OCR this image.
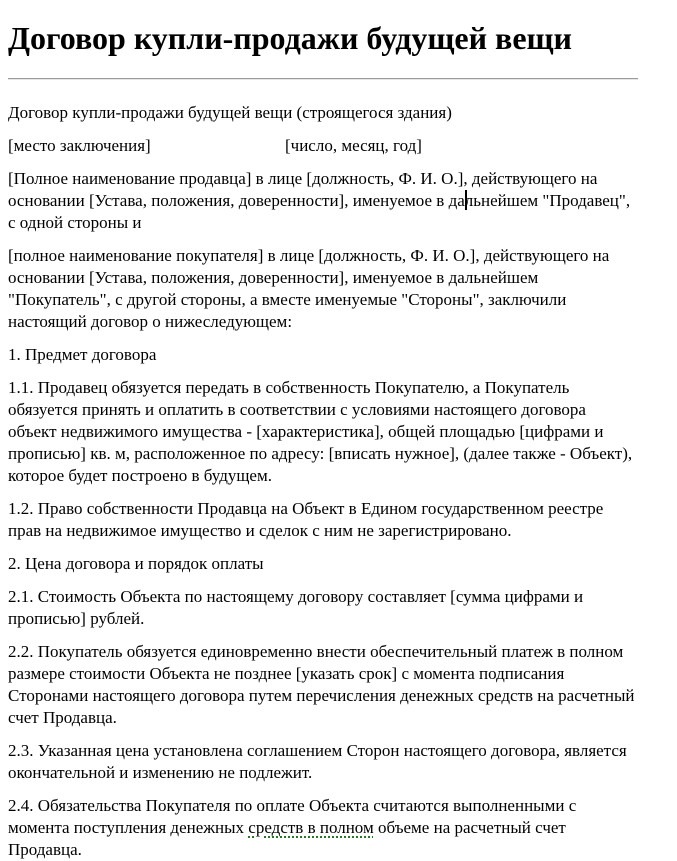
Договор купли-продажи будущей вещи

Договор купли-продажи будущей вещи (строящегося здания)

[место заключения]	[число, месяц, год]

[Полное наименование продавца] в лице [должность, Ф. И. О.], действующего на основании [Устава, положения, доверенности], именуемое в дальнейшем "Продавец", с одной стороны и

[полное наименование покупателя] в лице [должность, Ф. И. О.], действующего на основании [Устава, положения, доверенности], именуемое в дальнейшем "Покупатель", с другой стороны, а вместе именуемые "Стороны", заключили настоящий договор о нижеследующем:

1. Предмет договора

1.1. Продавец обязуется передать в собственность Покупателю, а Покупатель обязуется принять и оплатить в соответствии с условиями настоящего договора объект недвижимого имущества - [характеристика], общей площадью [цифрами и прописью] кв. м, расположенное по адресу: [вписать нужное], (далее также - Объект), которое будет построено в будущем.

1.2. Право собственности Продавца на Объект в Едином государственном реестре прав на недвижимое имущество и сделок с ним не зарегистрировано.

2. Цена договора и порядок оплаты

2.1. Стоимость Объекта по настоящему договору составляет [сумма цифрами и прописью] рублей.

2.2. Покупатель обязуется единовременно внести обеспечительный платеж в полном размере стоимости Объекта не позднее [указать срок] с момента подписания Сторонами настоящего договора путем перечисления денежных средств на расчетный счет Продавца.

2.3. Указанная цена установлена соглашением Сторон настоящего договора, является окончательной и изменению не подлежит.

2.4. Обязательства Покупателя по оплате Объекта считаются выполненными с момента поступления денежных средств в полном объеме на расчетный счет Продавца.
